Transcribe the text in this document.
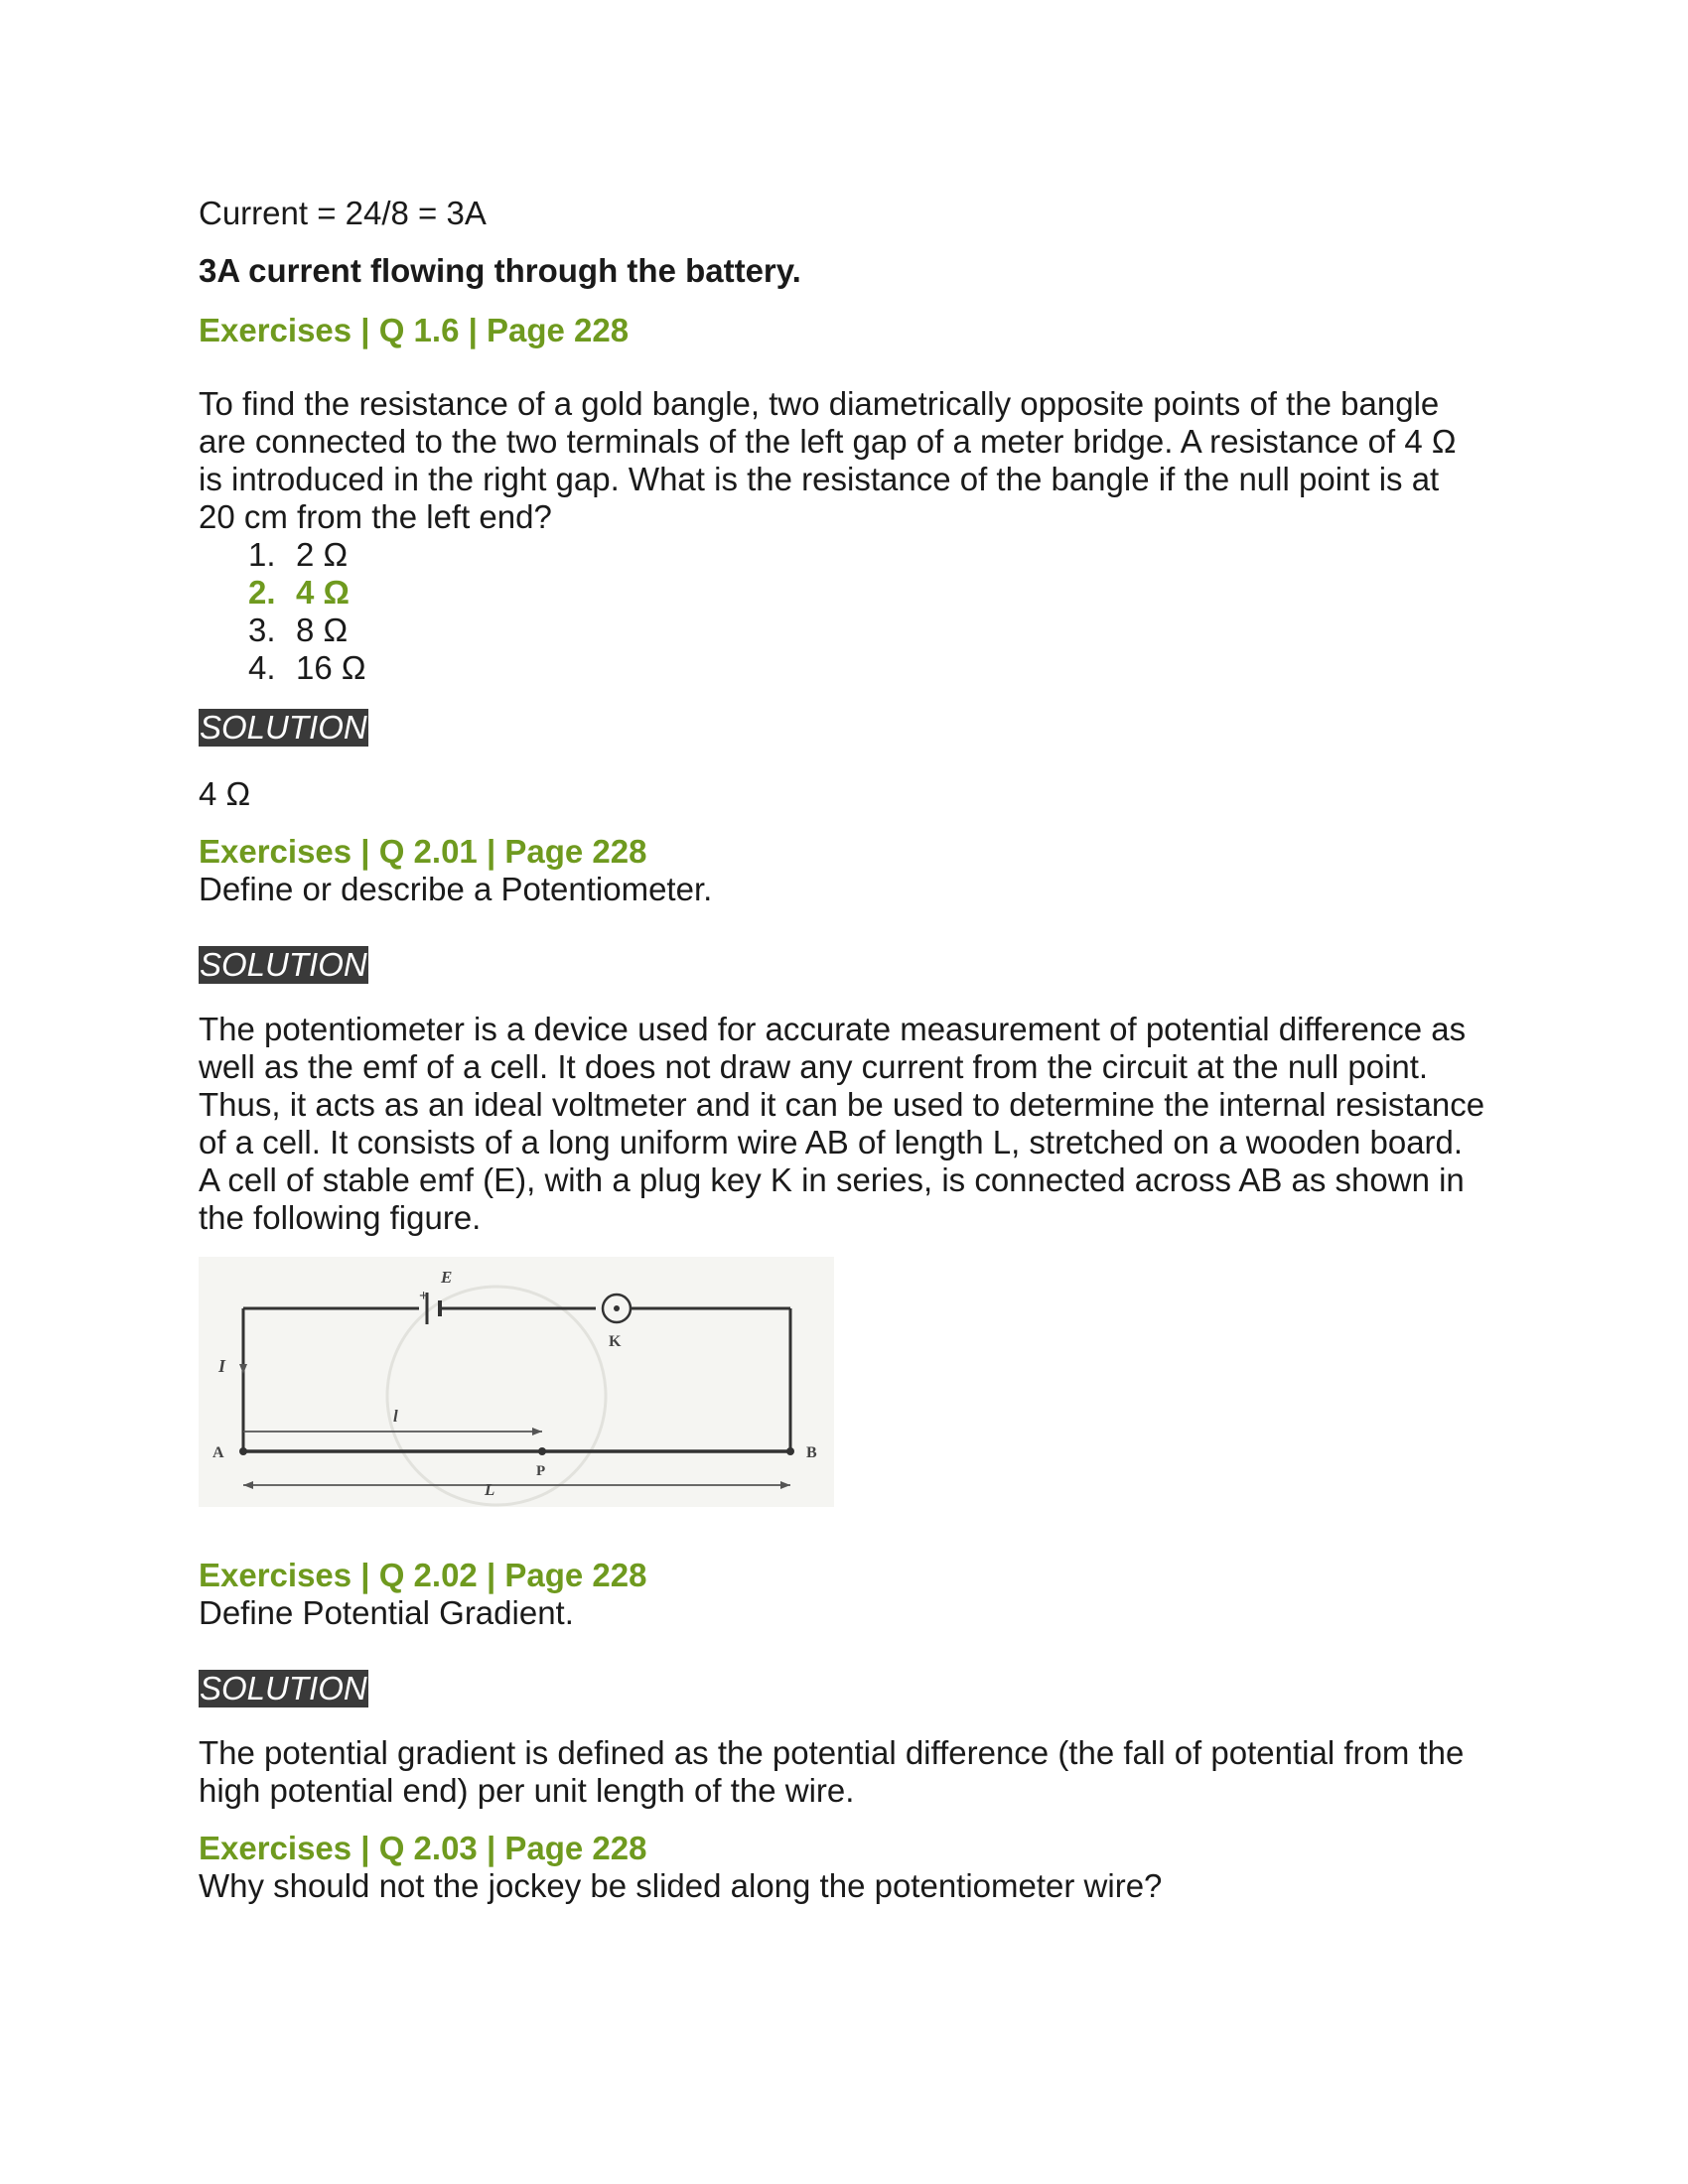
Current = 24/8 = 3A

3A current flowing through the battery.

Exercises | Q 1.6 | Page 228

To find the resistance of a gold bangle, two diametrically opposite points of the bangle are connected to the two terminals of the left gap of a meter bridge. A resistance of 4 Ω is introduced in the right gap. What is the resistance of the bangle if the null point is at 20 cm from the left end?

1. 2 Ω
2. 4 Ω
3. 8 Ω
4. 16 Ω
SOLUTION

4 Ω

Exercises | Q 2.01 | Page 228

Define or describe a Potentiometer.

SOLUTION

The potentiometer is a device used for accurate measurement of potential difference as well as the emf of a cell. It does not draw any current from the circuit at the null point. Thus, it acts as an ideal voltmeter and it can be used to determine the internal resistance of a cell. It consists of a long uniform wire AB of length L, stretched on a wooden board. A cell of stable emf (E), with a plug key K in series, is connected across AB as shown in the following figure.

E
+
K
I
l
A	B
P
L

Exercises | Q 2.02 | Page 228

Define Potential Gradient.

SOLUTION

The potential gradient is defined as the potential difference (the fall of potential from the high potential end) per unit length of the wire.

Exercises | Q 2.03 | Page 228

Why should not the jockey be slided along the potentiometer wire?
